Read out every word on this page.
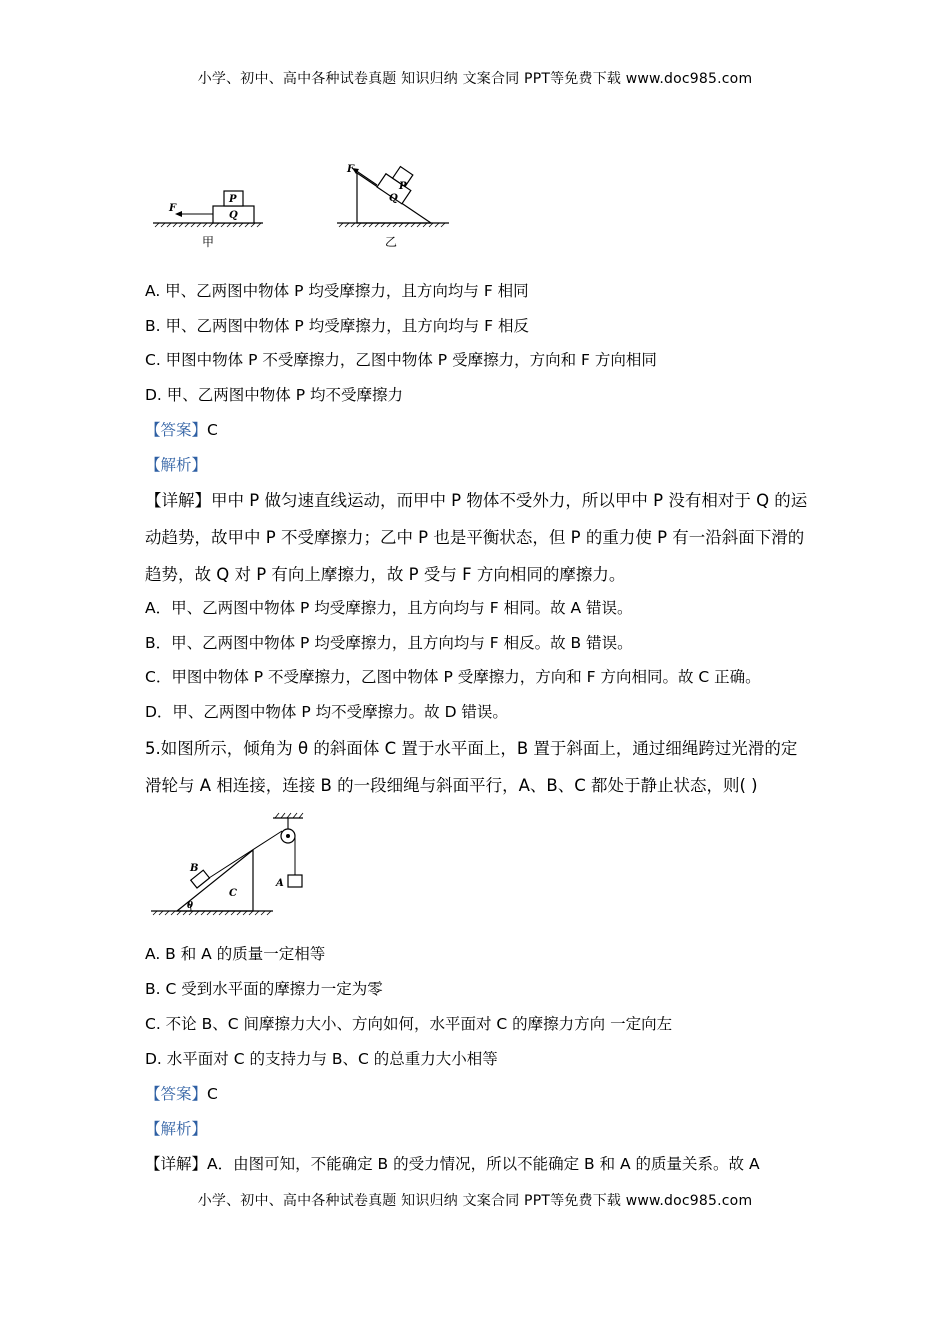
小学、初中、高中各种试卷真题 知识归纳 文案合同 PPT等免费下载 www.doc985.com
P
Q
F
甲
P
Q
F
乙
A. 甲、乙两图中物体 P 均受摩擦力，且方向均与 F 相同
B. 甲、乙两图中物体 P 均受摩擦力，且方向均与 F 相反
C. 甲图中物体 P 不受摩擦力，乙图中物体 P 受摩擦力，方向和 F 方向相同
D. 甲、乙两图中物体 P 均不受摩擦力
【答案】C
【解析】
【详解】甲中 P 做匀速直线运动，而甲中 P 物体不受外力，所以甲中 P 没有相对于 Q 的运
动趋势，故甲中 P 不受摩擦力；乙中 P 也是平衡状态，但 P 的重力使 P 有一沿斜面下滑的
趋势，故 Q 对 P 有向上摩擦力，故 P 受与 F 方向相同的摩擦力。
A．甲、乙两图中物体 P 均受摩擦力，且方向均与 F 相同。故 A 错误。
B．甲、乙两图中物体 P 均受摩擦力，且方向均与 F 相反。故 B 错误。
C．甲图中物体 P 不受摩擦力，乙图中物体 P 受摩擦力，方向和 F 方向相同。故 C 正确。
D．甲、乙两图中物体 P 均不受摩擦力。故 D 错误。
5.如图所示，倾角为 θ 的斜面体 C 置于水平面上，B 置于斜面上，通过细绳跨过光滑的定
滑轮与 A 相连接，连接 B 的一段细绳与斜面平行，A、B、C 都处于静止状态，则( )
A
B
C
θ
A. B 和 A 的质量一定相等
B. C 受到水平面的摩擦力一定为零
C. 不论 B、C 间摩擦力大小、方向如何，水平面对 C 的摩擦力方向 一定向左
D. 水平面对 C 的支持力与 B、C 的总重力大小相等
【答案】C
【解析】
【详解】A．由图可知，不能确定 B 的受力情况，所以不能确定 B 和 A 的质量关系。故 A
小学、初中、高中各种试卷真题 知识归纳 文案合同 PPT等免费下载 www.doc985.com
